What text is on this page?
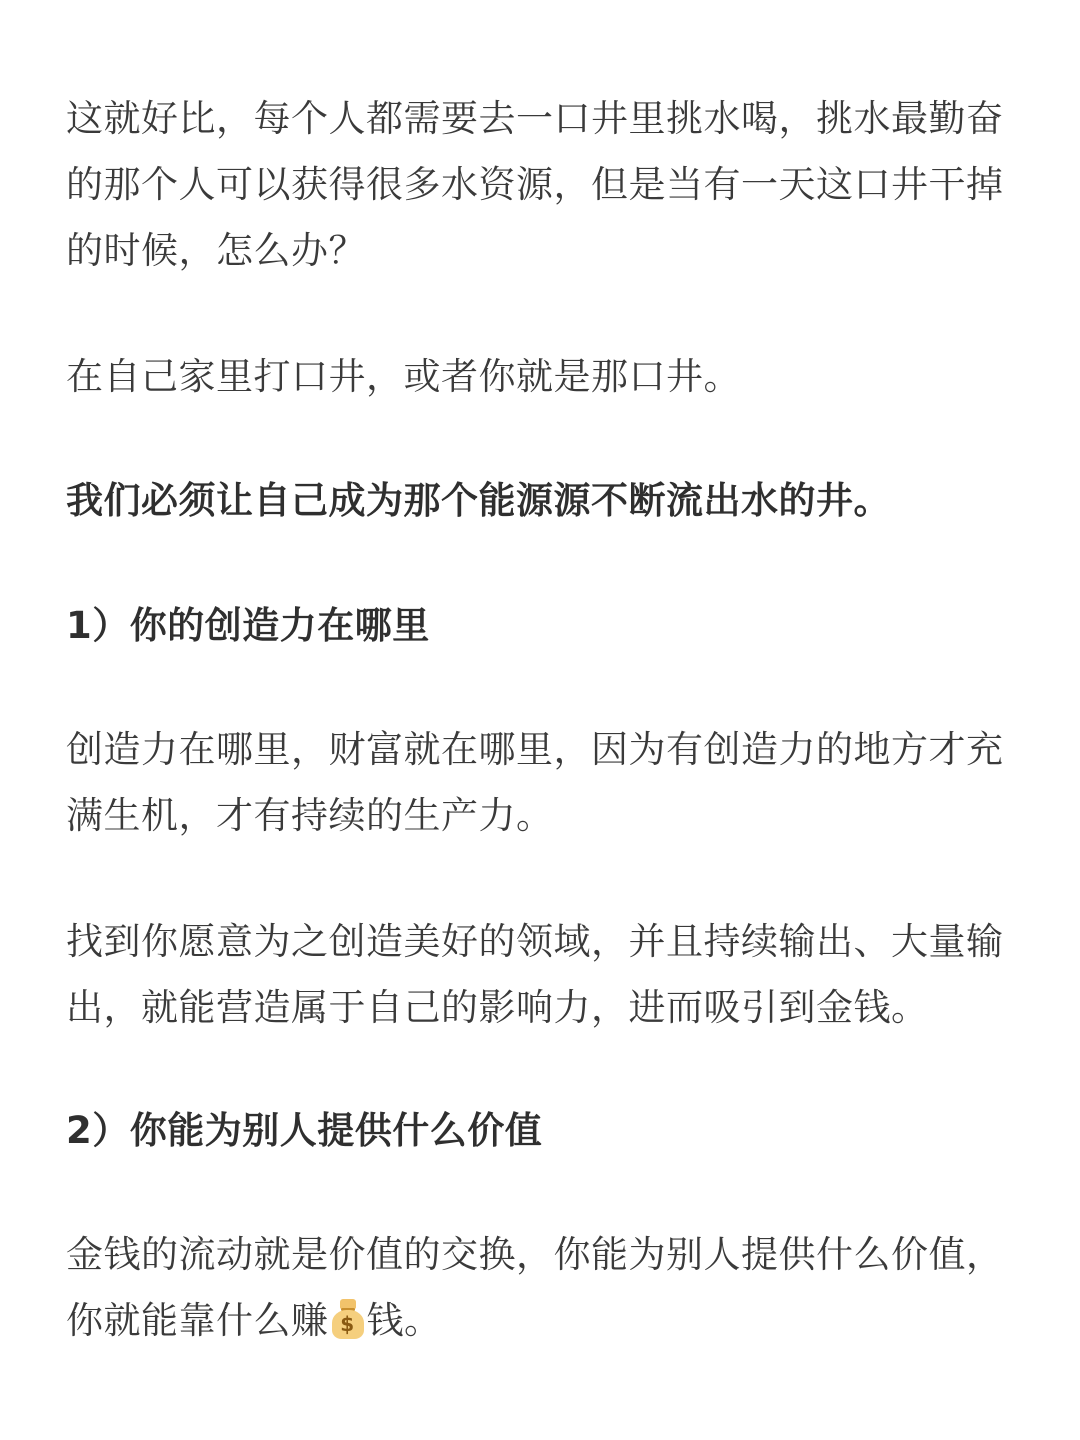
这就好比，每个人都需要去一口井里挑水喝，挑水最勤奋
的那个人可以获得很多水资源，但是当有一天这口井干掉
的时候，怎么办？

在自己家里打口井，或者你就是那口井。

我们必须让自己成为那个能源源不断流出水的井。

1）你的创造力在哪里

创造力在哪里，财富就在哪里，因为有创造力的地方才充
满生机，才有持续的生产力。

找到你愿意为之创造美好的领域，并且持续输出、大量输
出，就能营造属于自己的影响力，进而吸引到金钱。

2）你能为别人提供什么价值

金钱的流动就是价值的交换，你能为别人提供什么价值，
你就能靠什么赚 $ 钱。
